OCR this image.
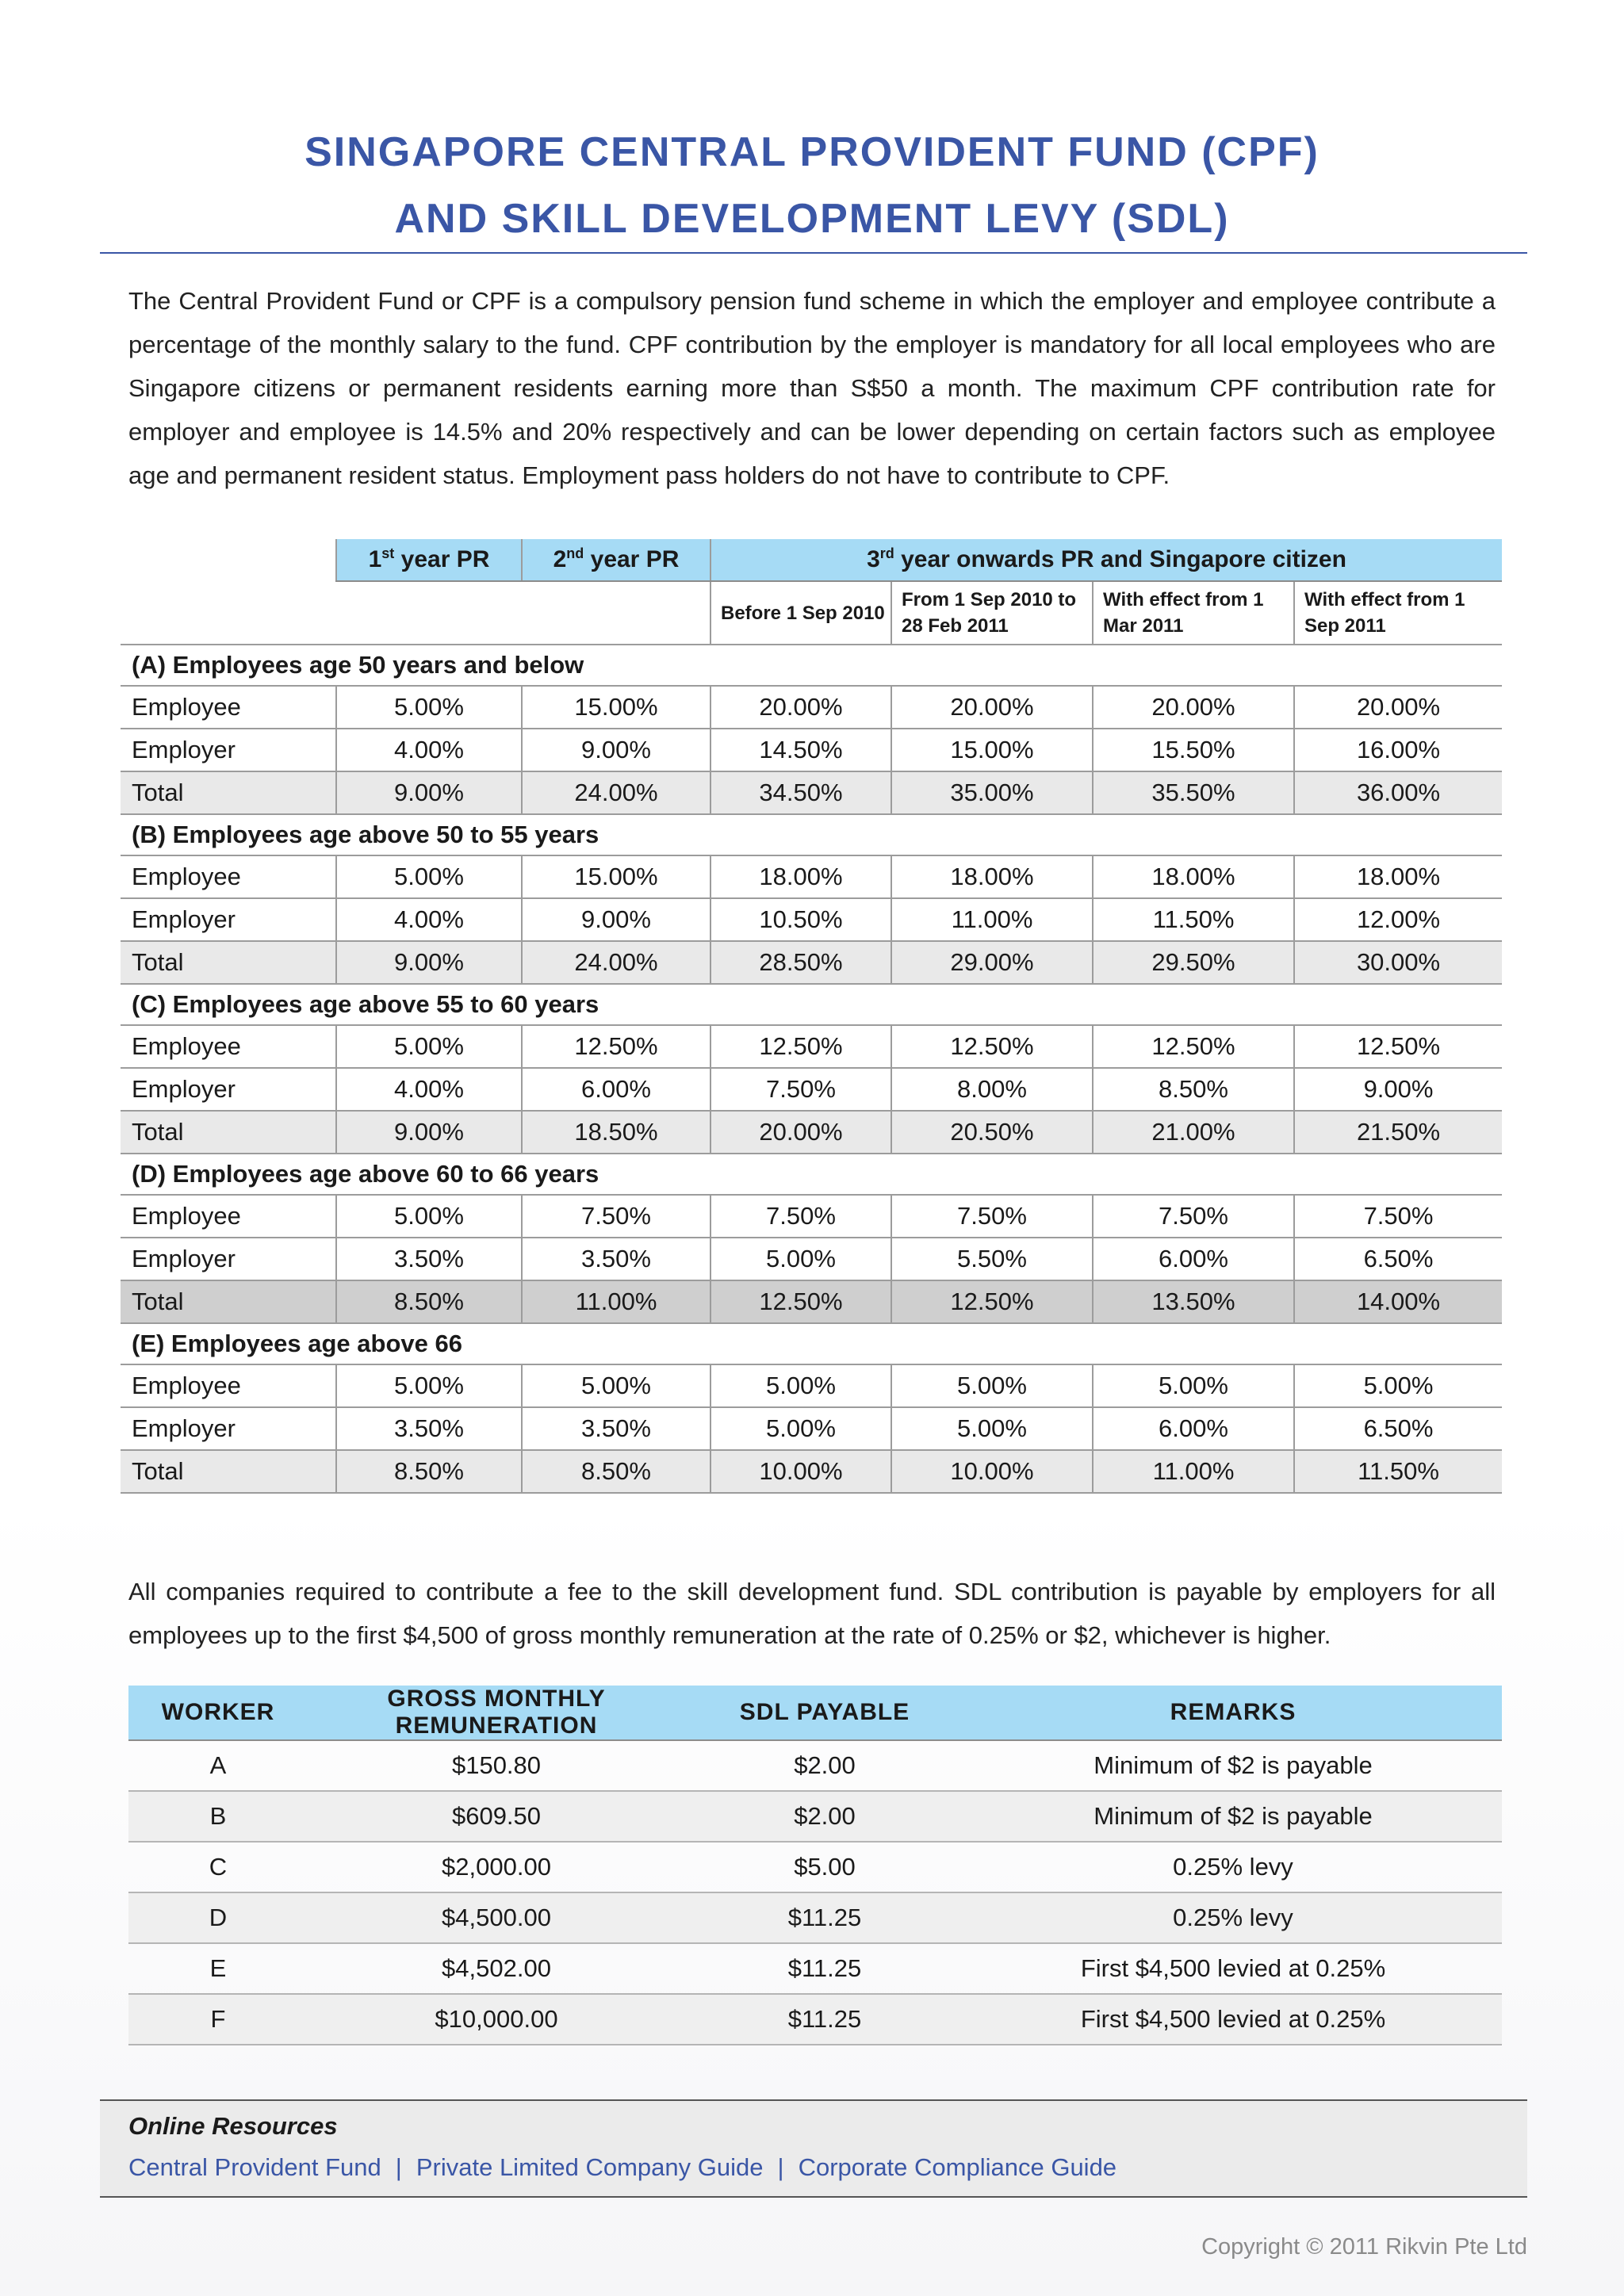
SINGAPORE CENTRAL PROVIDENT FUND (CPF)
AND SKILL DEVELOPMENT LEVY (SDL)
The Central Provident Fund or CPF is a compulsory pension fund scheme in which the employer and employee contribute a percentage of the monthly salary to the fund. CPF contribution by the employer is mandatory for all local employees who are Singapore citizens or permanent residents earning more than S$50 a month. The maximum CPF contribution rate for employer and employee is 14.5% and 20% respectively and can be lower depending on certain factors such as employee age and permanent resident status. Employment pass holders do not have to contribute to CPF.
	1st year PR	2nd year PR	3rd year onwards PR and Singapore citizen			
			Before 1 Sep 2010	From 1 Sep 2010 to 28 Feb 2011	With effect from 1 Mar 2011	With effect from 1 Sep 2011
(A) Employees age 50 years and below						
Employee	5.00%	15.00%	20.00%	20.00%	20.00%	20.00%
Employer	4.00%	9.00%	14.50%	15.00%	15.50%	16.00%
Total	9.00%	24.00%	34.50%	35.00%	35.50%	36.00%
(B) Employees age above 50 to 55 years						
Employee	5.00%	15.00%	18.00%	18.00%	18.00%	18.00%
Employer	4.00%	9.00%	10.50%	11.00%	11.50%	12.00%
Total	9.00%	24.00%	28.50%	29.00%	29.50%	30.00%
(C) Employees age above 55 to 60 years						
Employee	5.00%	12.50%	12.50%	12.50%	12.50%	12.50%
Employer	4.00%	6.00%	7.50%	8.00%	8.50%	9.00%
Total	9.00%	18.50%	20.00%	20.50%	21.00%	21.50%
(D) Employees age above 60 to 66 years						
Employee	5.00%	7.50%	7.50%	7.50%	7.50%	7.50%
Employer	3.50%	3.50%	5.00%	5.50%	6.00%	6.50%
Total	8.50%	11.00%	12.50%	12.50%	13.50%	14.00%
(E) Employees age above 66						
Employee	5.00%	5.00%	5.00%	5.00%	5.00%	5.00%
Employer	3.50%	3.50%	5.00%	5.00%	6.00%	6.50%
Total	8.50%	8.50%	10.00%	10.00%	11.00%	11.50%
All companies required to contribute a fee to the skill development fund. SDL contribution is payable by employers for all employees up to the first $4,500 of gross monthly remuneration at the rate of 0.25% or $2, whichever is higher.
WORKER	GROSS MONTHLY REMUNERATION	SDL PAYABLE	REMARKS
A	$150.80	$2.00	Minimum of $2 is payable
B	$609.50	$2.00	Minimum of $2 is payable
C	$2,000.00	$5.00	0.25% levy
D	$4,500.00	$11.25	0.25% levy
E	$4,502.00	$11.25	First $4,500 levied at 0.25%
F	$10,000.00	$11.25	First $4,500 levied at 0.25%
Online Resources
Central Provident Fund | Private Limited Company Guide | Corporate Compliance Guide
Copyright © 2011 Rikvin Pte Ltd
